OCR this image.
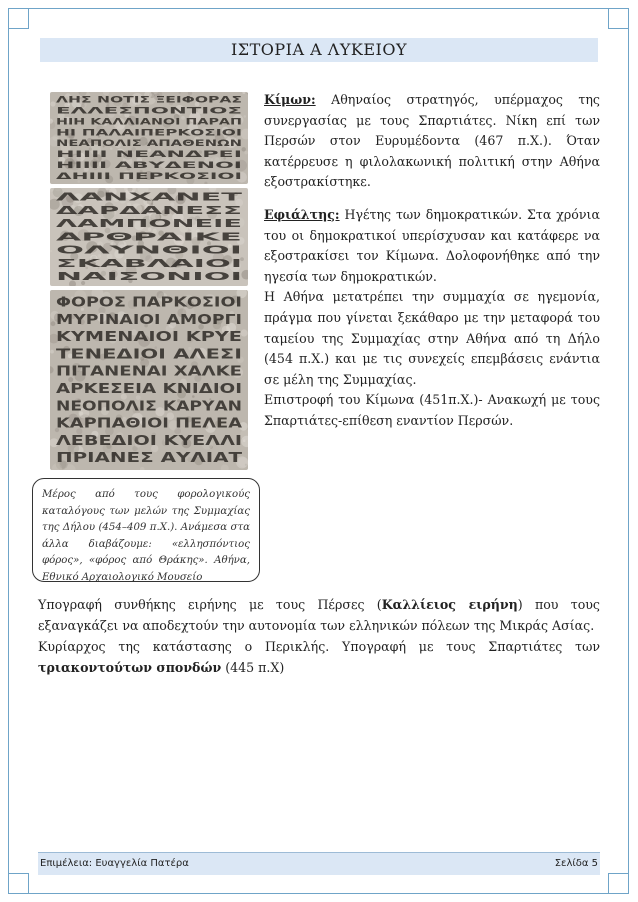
ΙΣΤΟΡΙΑ Α ΛΥΚΕΙΟΥ
ΛΗΣ ΝΟΤΙΣ ΞΕΙΦΟΡΑΣ
ΕΛΛΕΣΠΟΝΤΙΟΣ
ΗΙΗ ΚΑΛΛΙΑΝΟΙ ΠΑΡΑΠ
ΗΙ ΠΑΛΑΙΠΕΡΚΟΣΙΟΙ
ΝΕΑΠΟΛΙΣ ΑΠΑΘΕΝΩΝ
ΗΙΙΙΙ ΝΕΑΝΔΡΕΙ
ΗΙΙΙΙ ΑΒΥΔΕΝΟΙ
ΔΗΙΙΙ ΠΕΡΚΟΣΙΟΙ
ΛΑΝΧΑΝΕΤ
ΔΑΡΔΑΝΕΣΣ
ΛΑΜΠΟΝΕΙΕ
ΑΡΘΡΑΙΚΕ
ΟΛΥΝΘΙΟΙ
ΣΚΑΒΛΑΙΟΙ
ΝΑΙΣΟΝΙΟΙ
ΦΟΡΟΣ ΠΑΡΚΟΣΙΟΙ
ΜΥΡΙΝΑΙΟΙ ΑΜΟΡΓΙ
ΚΥΜΕΝΑΙΟΙ ΚΡΥΕ
ΤΕΝΕΔΙΟΙ ΑΛΕΣΙ
ΠΙΤΑΝΕΝΑΙ ΧΑΛΚΕ
ΑΡΚΕΣΕΙΑ ΚΝΙΔΙΟΙ
ΝΕΟΠΟΛΙΣ ΚΑΡΥΑΝ
ΚΑΡΠΑΘΙΟΙ ΠΕΛΕΑ
ΛΕΒΕΔΙΟΙ ΚΥΕΛΛΙ
ΠΡΙΑΝΕΣ ΑΥΛΙΑΤ

Κίμων: Αθηναίος στρατηγός, υπέρμαχος της συνεργασίας με τους Σπαρτιάτες. Νίκη επί των Περσών στον Ευρυμέδοντα (467 π.Χ.). Όταν κατέρρευσε η φιλολακωνική πολιτική στην Αθήνα εξοστρακίστηκε.

Εφιάλτης: Ηγέτης των δημοκρατικών. Στα χρόνια του οι δημοκρατικοί υπερίσχυσαν και κατάφερε να εξοστρακίσει τον Κίμωνα. Δολοφονήθηκε από την ηγεσία των δημοκρατικών.

Η Αθήνα μετατρέπει την συμμαχία σε ηγεμονία, πράγμα που γίνεται ξεκάθαρο με την μεταφορά του ταμείου της Συμμαχίας στην Αθήνα από τη Δήλο (454 π.Χ.) και με τις συνεχείς επεμβάσεις ενάντια σε μέλη της Συμμαχίας.

Επιστροφή του Κίμωνα (451π.Χ.)- Ανακωχή με τους Σπαρτιάτες-επίθεση εναντίον Περσών.

Μέρος από τους φορολογικούς καταλόγους των μελών της Συμμαχίας της Δήλου (454–409 π.Χ.). Ανάμεσα στα άλλα διαβάζουμε: «ελλησπόντιος φόρος», «φόρος από Θράκης». Αθήνα, Εθνικό Αρχαιολογικό Μουσείο

Υπογραφή συνθήκης ειρήνης με τους Πέρσες (Καλλίειος ειρήνη) που τους εξαναγκάζει να αποδεχτούν την αυτονομία των ελληνικών πόλεων της Μικράς Ασίας.

Κυρίαρχος της κατάστασης ο Περικλής. Υπογραφή με τους Σπαρτιάτες των τριακοντούτων σπονδών (445 π.Χ)

Επιμέλεια: Ευαγγελία Πατέρα	Σελίδα 5
